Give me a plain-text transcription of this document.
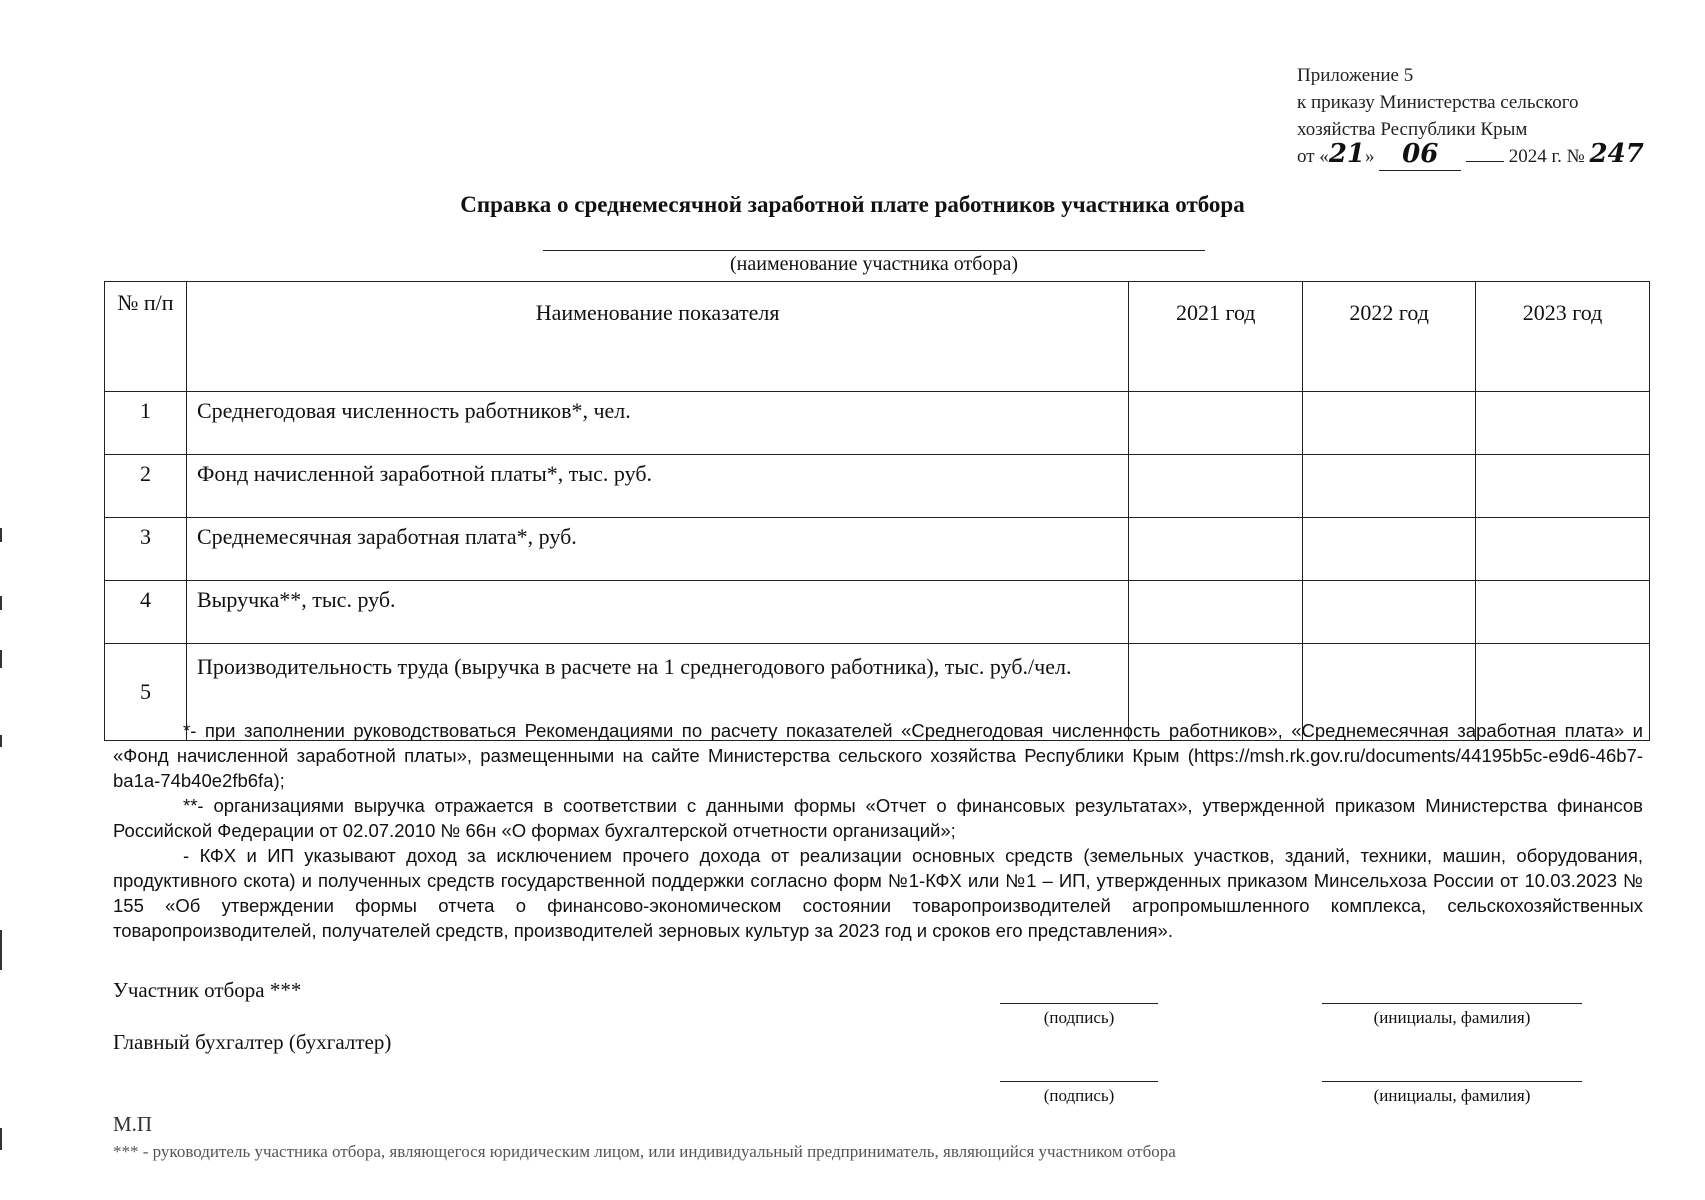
Приложение 5
к приказу Министерства сельского
хозяйства Республики Крым
от «21» 06	2024 г. № 247
Справка о среднемесячной заработной плате работников участника отбора
(наименование участника отбора)
№ п/п	Наименование показателя	2021 год	2022 год	2023 год
1	Среднегодовая численность работников*, чел.			
2	Фонд начисленной заработной платы*, тыс. руб.			
3	Среднемесячная заработная плата*, руб.			
4	Выручка**, тыс. руб.			
5	Производительность труда (выручка в расчете на 1 среднегодового работника), тыс. руб./чел.			

*- при заполнении руководствоваться Рекомендациями по расчету показателей «Среднегодовая численность работников», «Среднемесячная заработная плата» и «Фонд начисленной заработной платы», размещенными на сайте Министерства сельского хозяйства Республики Крым (https://msh.rk.gov.ru/documents/44195b5c-e9d6-46b7-ba1a-74b40e2fb6fa);

**- организациями выручка отражается в соответствии с данными формы «Отчет о финансовых результатах», утвержденной приказом Министерства финансов Российской Федерации от 02.07.2010 № 66н «О формах бухгалтерской отчетности организаций»;

- КФХ и ИП указывают доход за исключением прочего дохода от реализации основных средств (земельных участков, зданий, техники, машин, оборудования, продуктивного скота) и полученных средств государственной поддержки согласно форм №1-КФХ или №1 – ИП, утвержденных приказом Минсельхоза России от 10.03.2023 № 155 «Об утверждении формы отчета о финансово-экономическом состоянии товаропроизводителей агропромышленного комплекса, сельскохозяйственных товаропроизводителей, получателей средств, производителей зерновых культур за 2023 год и сроков его представления».

Участник отбора ***
(подпись)	(инициалы, фамилия)
Главный бухгалтер (бухгалтер)
(подпись)	(инициалы, фамилия)
М.П
*** - руководитель участника отбора, являющегося юридическим лицом, или индивидуальный предприниматель, являющийся участником отбора
